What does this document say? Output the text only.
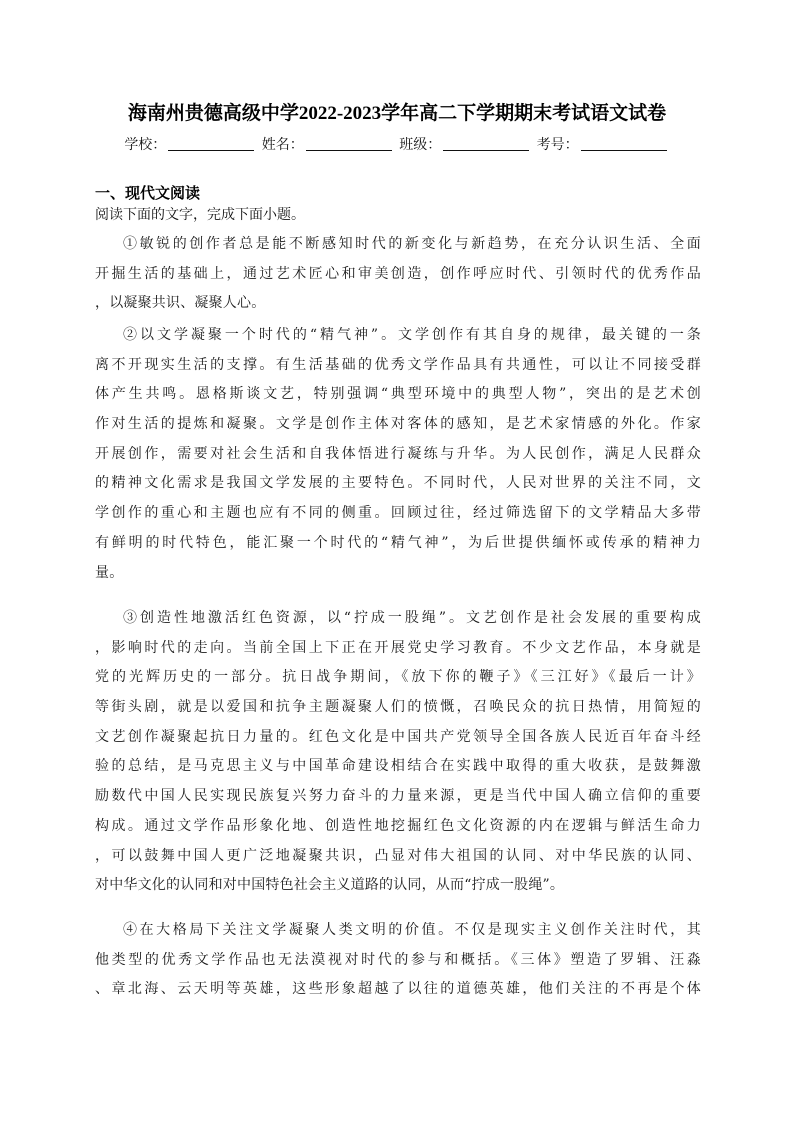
海南州贵德高级中学2022-2023学年高二下学期期末考试语文试卷
学校：	姓名：	班级：	考号：
一、现代文阅读
阅读下面的文字，完成下面小题。
①敏锐的创作者总是能不断感知时代的新变化与新趋势，在充分认识生活、全面
开掘生活的基础上，通过艺术匠心和审美创造，创作呼应时代、引领时代的优秀作品
，以凝聚共识、凝聚人心。
②以文学凝聚一个时代的“精气神”。文学创作有其自身的规律，最关键的一条
离不开现实生活的支撑。有生活基础的优秀文学作品具有共通性，可以让不同接受群
体产生共鸣。恩格斯谈文艺，特别强调“典型环境中的典型人物”，突出的是艺术创
作对生活的提炼和凝聚。文学是创作主体对客体的感知，是艺术家情感的外化。作家
开展创作，需要对社会生活和自我体悟进行凝练与升华。为人民创作，满足人民群众
的精神文化需求是我国文学发展的主要特色。不同时代，人民对世界的关注不同，文
学创作的重心和主题也应有不同的侧重。回顾过往，经过筛选留下的文学精品大多带
有鲜明的时代特色，能汇聚一个时代的“精气神”，为后世提供缅怀或传承的精神力
量。
③创造性地激活红色资源，以“拧成一股绳”。文艺创作是社会发展的重要构成
，影响时代的走向。当前全国上下正在开展党史学习教育。不少文艺作品，本身就是
党的光辉历史的一部分。抗日战争期间，《放下你的鞭子》《三江好》《最后一计》
等街头剧，就是以爱国和抗争主题凝聚人们的愤慨，召唤民众的抗日热情，用简短的
文艺创作凝聚起抗日力量的。红色文化是中国共产党领导全国各族人民近百年奋斗经
验的总结，是马克思主义与中国革命建设相结合在实践中取得的重大收获，是鼓舞激
励数代中国人民实现民族复兴努力奋斗的力量来源，更是当代中国人确立信仰的重要
构成。通过文学作品形象化地、创造性地挖掘红色文化资源的内在逻辑与鲜活生命力
，可以鼓舞中国人更广泛地凝聚共识，凸显对伟大祖国的认同、对中华民族的认同、
对中华文化的认同和对中国特色社会主义道路的认同，从而“拧成一股绳”。
④在大格局下关注文学凝聚人类文明的价值。不仅是现实主义创作关注时代，其
他类型的优秀文学作品也无法漠视对时代的参与和概括。《三体》塑造了罗辑、汪淼
、章北海、云天明等英雄，这些形象超越了以往的道德英雄，他们关注的不再是个体
